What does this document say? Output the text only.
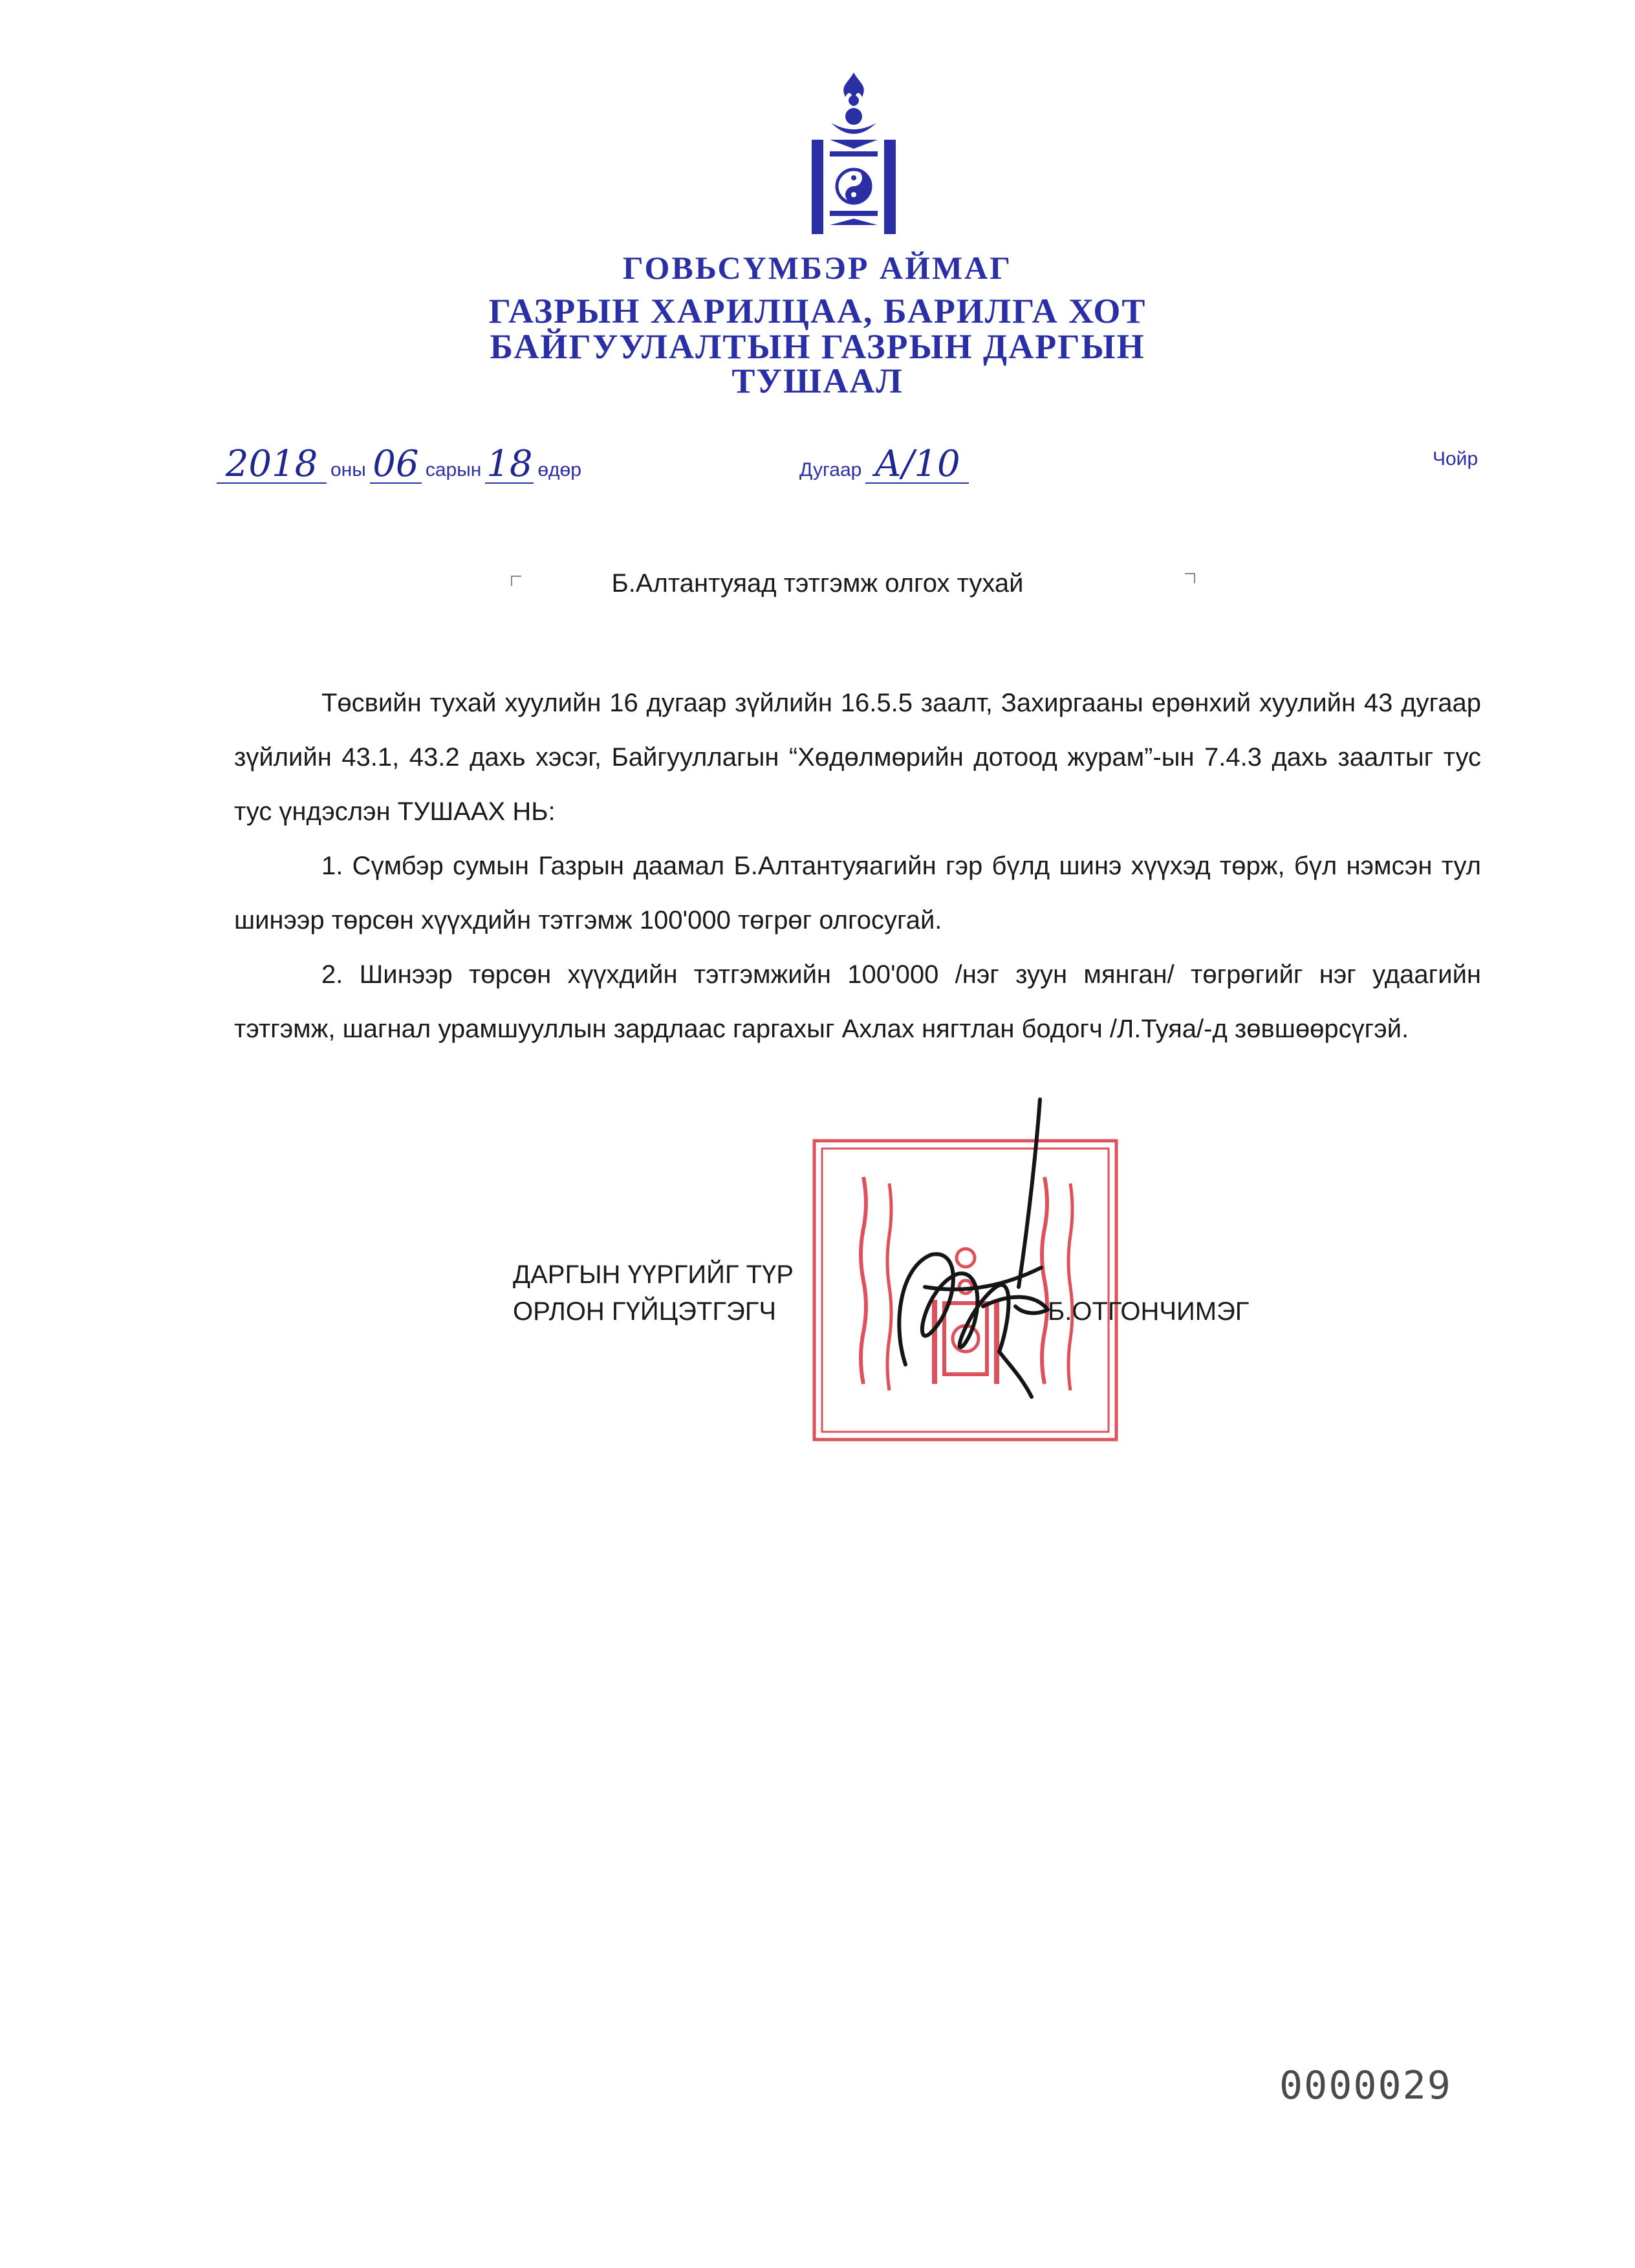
ГОВЬСҮМБЭР АЙМАГ
ГАЗРЫН ХАРИЛЦАА, БАРИЛГА ХОТ
БАЙГУУЛАЛТЫН ГАЗРЫН ДАРГЫН
ТУШААЛ
2018 оны 06 сарын 18 өдөр	Дугаар А/10	Чойр
Б.Алтантуяад тэтгэмж олгох тухай

Төсвийн тухай хуулийн 16 дугаар зүйлийн 16.5.5 заалт, Захиргааны ерөнхий хуулийн 43 дугаар зүйлийн 43.1, 43.2 дахь хэсэг, Байгууллагын “Хөдөлмөрийн дотоод журам”-ын 7.4.3 дахь заалтыг тус тус үндэслэн ТУШААХ НЬ:

1. Сүмбэр сумын Газрын даамал Б.Алтантуяагийн гэр бүлд шинэ хүүхэд төрж, бүл нэмсэн тул шинээр төрсөн хүүхдийн тэтгэмж 100'000 төгрөг олгосугай.

2. Шинээр төрсөн хүүхдийн тэтгэмжийн 100'000 /нэг зуун мянган/ төгрөгийг нэг удаагийн тэтгэмж, шагнал урамшууллын зардлаас гаргахыг Ахлах нягтлан бодогч /Л.Туяа/-д зөвшөөрсүгэй.

ДАРГЫН ҮҮРГИЙГ ТҮР
ОРЛОН ГҮЙЦЭТГЭГЧ	Б.ОТГОНЧИМЭГ
0000029
